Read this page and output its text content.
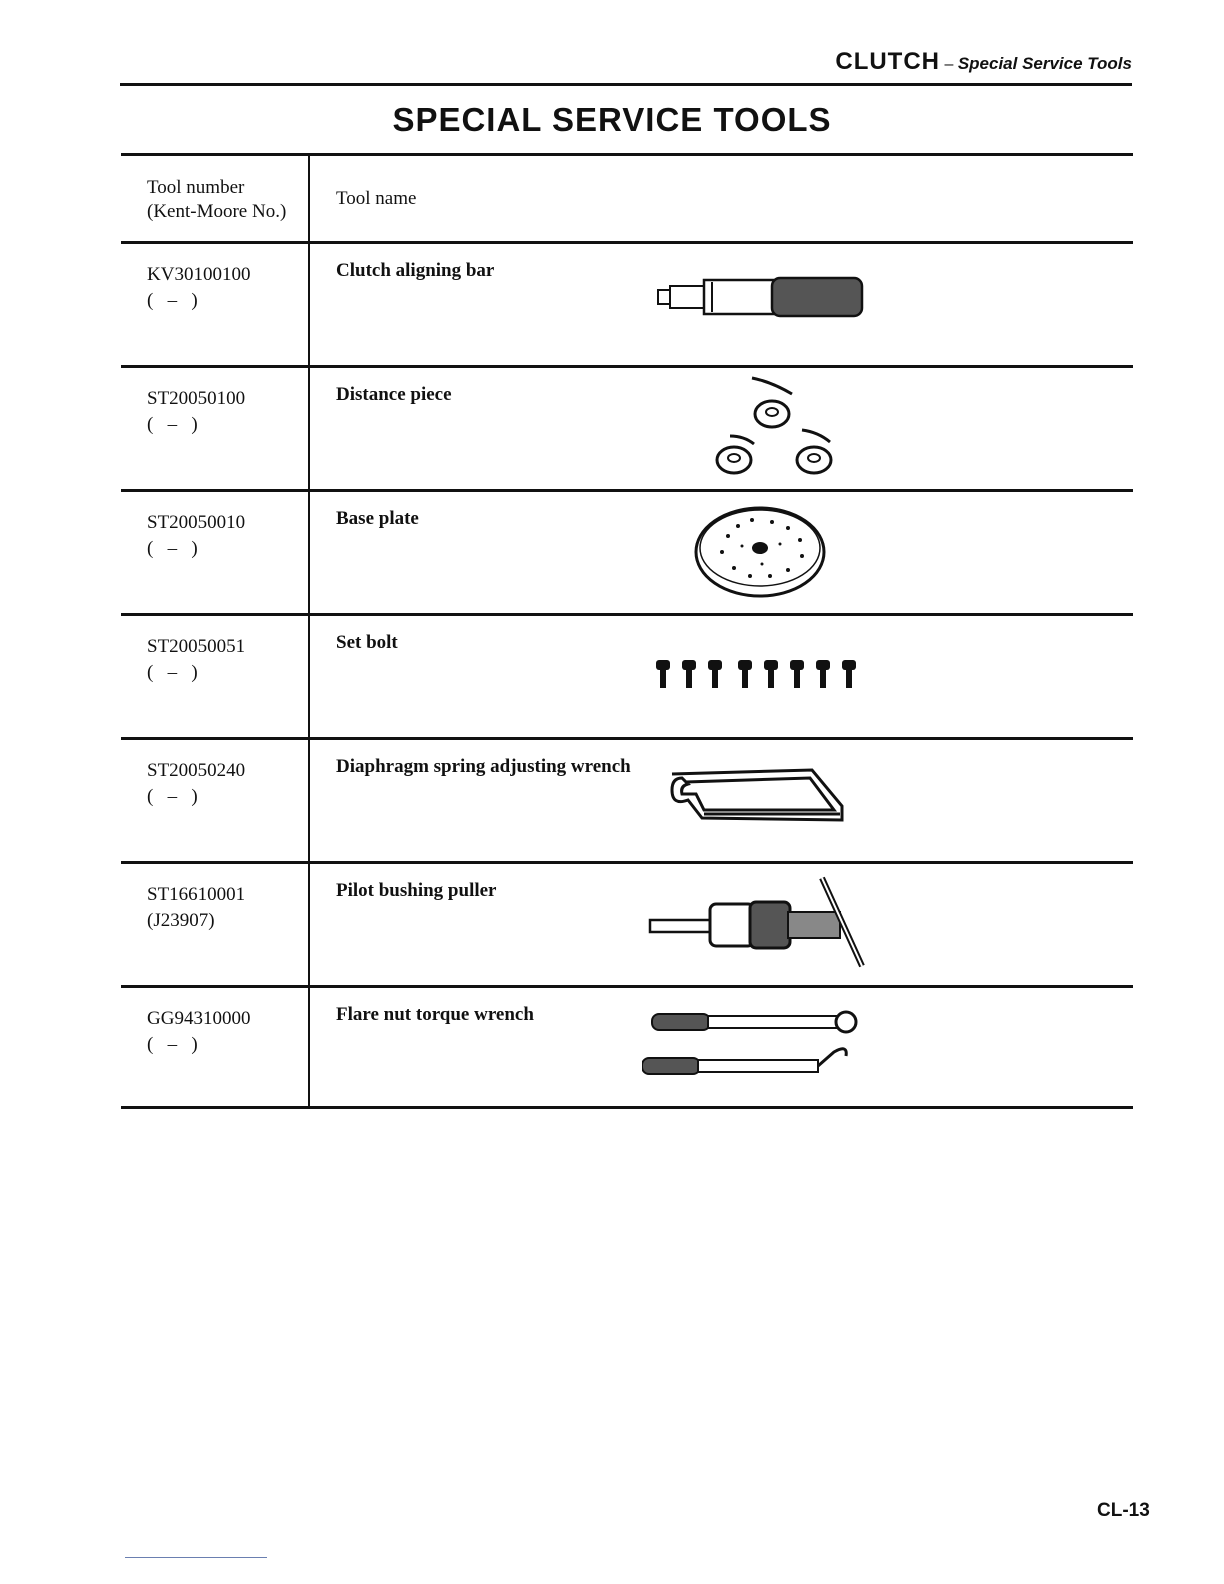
CLUTCH – Special Service Tools
SPECIAL SERVICE TOOLS
Tool number
(Kent-Moore No.)
Tool name
KV30100100
(   –   )
Clutch aligning bar
ST20050100
(   –   )
Distance piece
ST20050010
(   –   )
Base plate
ST20050051
(   –   )
Set bolt
ST20050240
(   –   )
Diaphragm spring adjusting wrench
ST16610001
(J23907)
Pilot bushing puller
GG94310000
(   –   )
Flare nut torque wrench
CL-13
